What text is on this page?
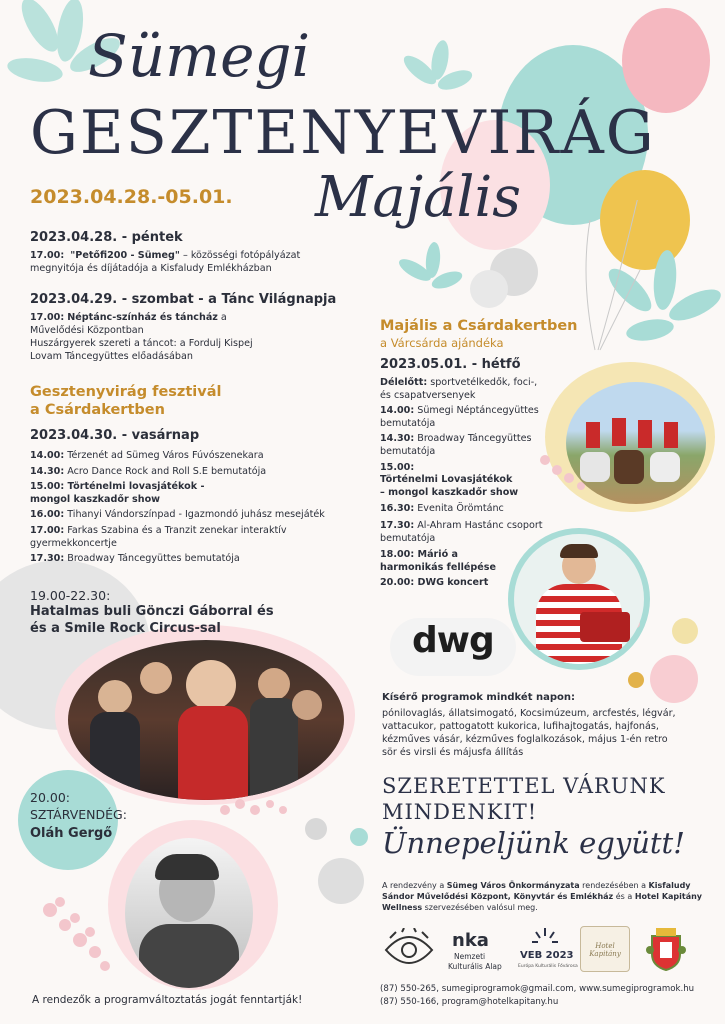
Sümegi
GESZTENYEVIRÁG
Majális
2023.04.28.-05.01.
2023.04.28. - péntek
17.00: "Petőfi200 - Sümeg" – közösségi fotópályázat
megnyitója és díjátadója a Kisfaludy Emlékházban
2023.04.29. - szombat - a Tánc Világnapja
17.00: Néptánc-színház és táncház a
Művelődési Központban
Huszárgyerek szereti a táncot: a Fordulj Kispej
Lovam Táncegyüttes előadásában
Gesztenyvirág fesztivál
a Csárdakertben
2023.04.30. - vasárnap
14.00: Térzenét ad Sümeg Város Fúvószenekara
14.30: Acro Dance Rock and Roll S.E bemutatója
15.00: Történelmi lovasjátékok -
mongol kaszkadőr show
16.00: Tihanyi Vándorszínpad - Igazmondó juhász mesejáték
17.00: Farkas Szabina és a Tranzit zenekar interaktív
gyermekkoncertje
17.30: Broadway Táncegyüttes bemutatója
19.00-22.30:
Hatalmas buli Gönczi Gáborral és
és a Smile Rock Circus-sal
20.00:
SZTÁRVENDÉG:
Oláh Gergő
Majális a Csárdakertben
a Várcsárda ajándéka
2023.05.01. - hétfő
Délelőtt: sportvetélkedők, foci-,
és csapatversenyek
14.00: Sümegi Néptáncegyüttes
bemutatója
14.30: Broadway Táncegyüttes
bemutatója
15.00:
Történelmi Lovasjátékok
– mongol kaszkadőr show
16.30: Evenita Örömtánc
17.30: Al-Ahram Hastánc csoport
bemutatója
18.00: Márió a
harmonikás fellépése
20.00: DWG koncert
dwg
Kísérő programok mindkét napon:
pónilovaglás, állatsimogató, Kocsimúzeum, arcfestés, légvár,
vattacukor, pattogatott kukorica, lufihajtogatás, hajfonás,
kézműves vásár, kézműves foglalkozások, május 1-én retro
sör és virsli és májusfa állítás
SZERETETTEL VÁRUNK
MINDENKIT!
Ünnepeljünk együtt!
A rendezvény a Sümeg Város Önkormányzata rendezésében a Kisfaludy Sándor Művelődési Központ, Könyvtár és Emlékház és a Hotel Kapitány Wellness szervezésében valósul meg.
nka
Nemzeti
Kulturális Alap
VEB 2023
Európa Kulturális Fővárosa
Hotel Kapitány
(87) 550-265, sumegiprogramok@gmail.com, www.sumegiprogramok.hu
(87) 550-166, program@hotelkapitany.hu
A rendezők a programváltoztatás jogát fenntartják!
